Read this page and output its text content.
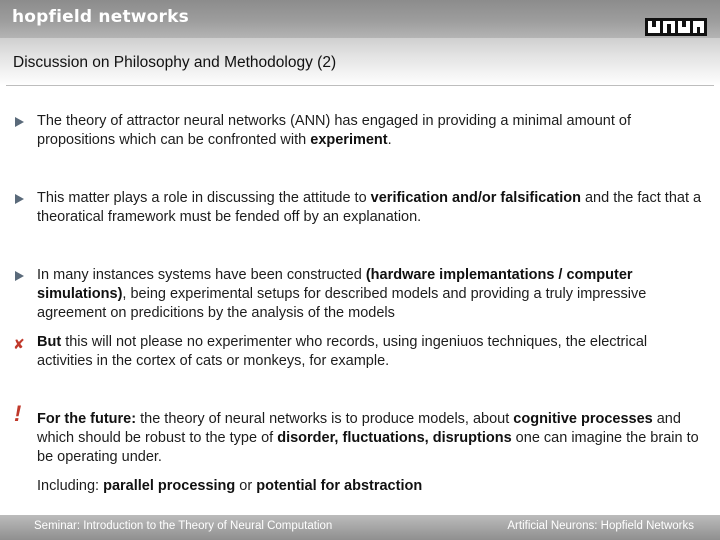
hopfield networks
Discussion on Philosophy and Methodology (2)
The theory of attractor neural networks (ANN) has engaged in providing a minimal amount of propositions which can be confronted with experiment.
This matter plays a role in discussing the attitude to verification and/or falsification and the fact that a theoratical framework must be fended off by an explanation.
In many instances systems have been constructed (hardware implemantations / computer simulations), being experimental setups for described models and providing a truly impressive agreement on predicitions by the analysis of the models
✘ But this will not please no experimenter who records, using ingeniuos techniques, the electrical activities in the cortex of cats or monkeys, for example.
! For the future: the theory of neural networks is to produce models, about cognitive processes and which should be robust to the type of disorder, fluctuations, disruptions one can imagine the brain to be operating under.
Including: parallel processing or potential for abstraction
Seminar: Introduction to the Theory of Neural Computation	Artificial Neurons: Hopfield Networks
